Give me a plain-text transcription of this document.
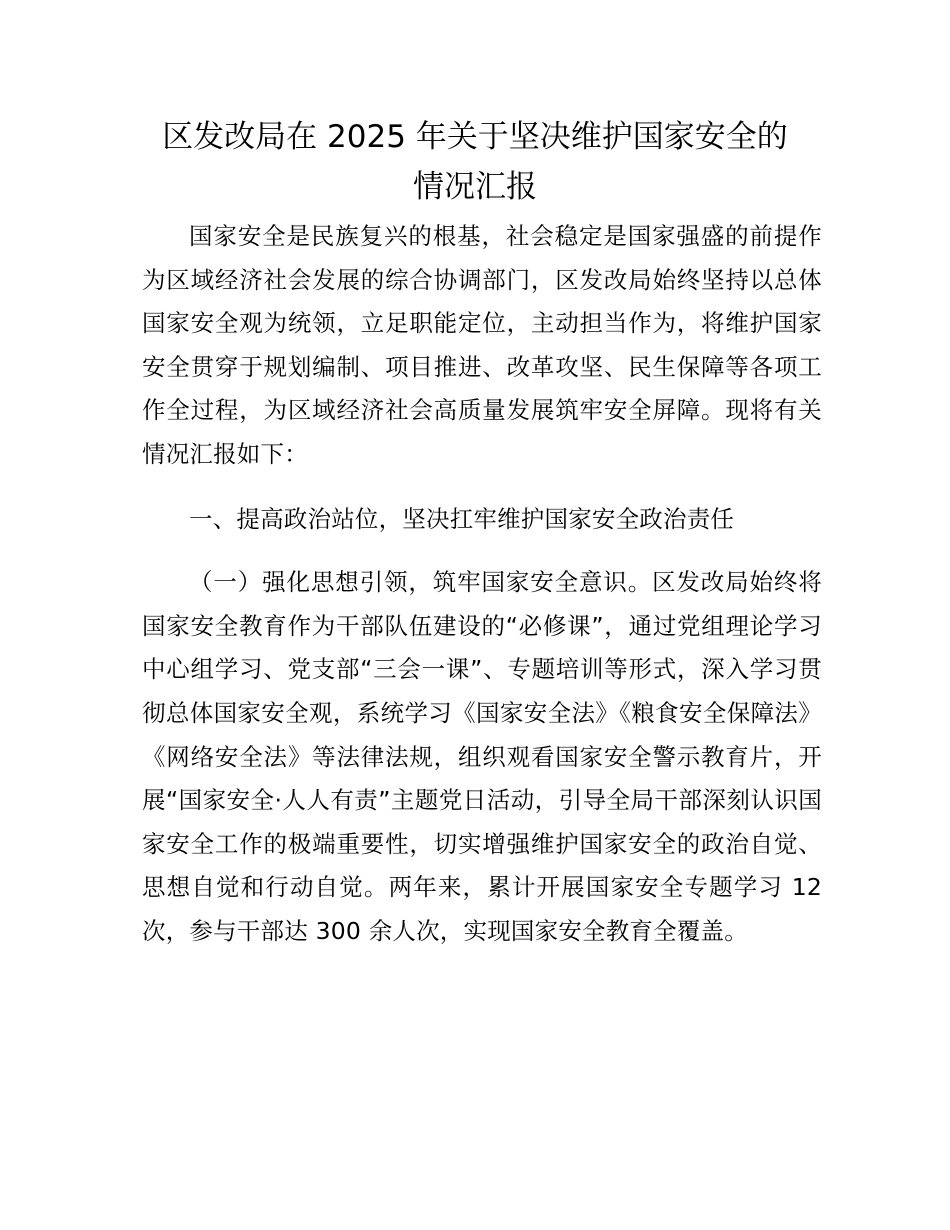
区发改局在 2025 年关于坚决维护国家安全的
情况汇报

国家安全是民族复兴的根基，社会稳定是国家强盛的前提作为区域经济社会发展的综合协调部门，区发改局始终坚持以总体国家安全观为统领，立足职能定位，主动担当作为，将维护国家安全贯穿于规划编制、项目推进、改革攻坚、民生保障等各项工作全过程，为区域经济社会高质量发展筑牢安全屏障。现将有关情况汇报如下：

一、提高政治站位，坚决扛牢维护国家安全政治责任

（一）强化思想引领，筑牢国家安全意识。区发改局始终将国家安全教育作为干部队伍建设的“必修课”，通过党组理论学习中心组学习、党支部“三会一课”、专题培训等形式，深入学习贯彻总体国家安全观，系统学习《国家安全法》《粮食安全保障法》《网络安全法》等法律法规，组织观看国家安全警示教育片，开展“国家安全·人人有责”主题党日活动，引导全局干部深刻认识国家安全工作的极端重要性，切实增强维护国家安全的政治自觉、思想自觉和行动自觉。两年来，累计开展国家安全专题学习 12 次，参与干部达 300 余人次，实现国家安全教育全覆盖。
